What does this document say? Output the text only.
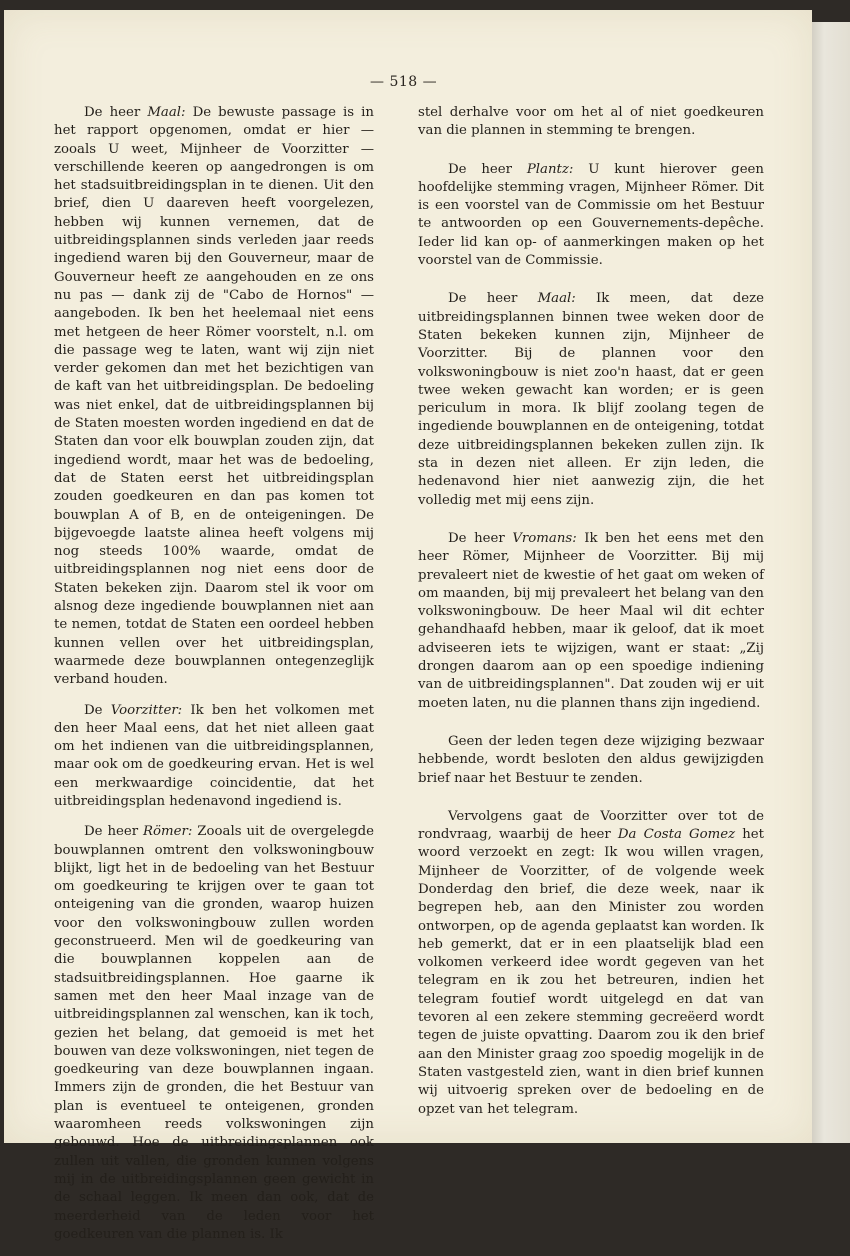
— 518 —

De heer Maal: De bewuste passage is in het rapport opgenomen, omdat er hier — zooals U weet, Mijnheer de Voorzitter — verschillende keeren op aangedrongen is om het stadsuitbreidingsplan in te dienen. Uit den brief, dien U daareven heeft voorgelezen, hebben wij kunnen vernemen, dat de uitbreidingsplannen sinds verleden jaar reeds ingediend waren bij den Gouverneur, maar de Gouverneur heeft ze aangehouden en ze ons nu pas — dank zij de "Cabo de Hornos" — aangeboden. Ik ben het heelemaal niet eens met hetgeen de heer Römer voorstelt, n.l. om die passage weg te laten, want wij zijn niet verder gekomen dan met het bezichtigen van de kaft van het uitbreidingsplan. De bedoeling was niet enkel, dat de uitbreidingsplannen bij de Staten moesten worden ingediend en dat de Staten dan voor elk bouwplan zouden zijn, dat ingediend wordt, maar het was de bedoeling, dat de Staten eerst het uitbreidingsplan zouden goedkeuren en dan pas komen tot bouwplan A of B, en de onteigeningen. De bijgevoegde laatste alinea heeft volgens mij nog steeds 100% waarde, omdat de uitbreidingsplannen nog niet eens door de Staten bekeken zijn. Daarom stel ik voor om alsnog deze ingediende bouwplannen niet aan te nemen, totdat de Staten een oordeel hebben kunnen vellen over het uitbreidingsplan, waarmede deze bouwplannen ontegenzeglijk verband houden.

De Voorzitter: Ik ben het volkomen met den heer Maal eens, dat het niet alleen gaat om het indienen van die uitbreidingsplannen, maar ook om de goedkeuring ervan. Het is wel een merkwaardige coincidentie, dat het uitbreidingsplan hedenavond ingediend is.

De heer Römer: Zooals uit de overgelegde bouwplannen omtrent den volkswoningbouw blijkt, ligt het in de bedoeling van het Bestuur om goedkeuring te krijgen over te gaan tot onteigening van die gronden, waarop huizen voor den volkswoningbouw zullen worden geconstrueerd. Men wil de goedkeuring van die bouwplannen koppelen aan de stadsuitbreidingsplannen. Hoe gaarne ik samen met den heer Maal inzage van de uitbreidingsplannen zal wenschen, kan ik toch, gezien het belang, dat gemoeid is met het bouwen van deze volkswoningen, niet tegen de goedkeuring van deze bouwplannen ingaan. Immers zijn de gronden, die het Bestuur van plan is eventueel te onteigenen, gronden waaromheen reeds volkswoningen zijn gebouwd. Hoe de uitbreidingsplannen ook zullen uit vallen, die gronden kunnen volgens mij in de uitbreidingsplannen geen gewicht in de schaal leggen. Ik meen dan ook, dat de meerderheid van de leden voor het goedkeuren van die plannen is. Ik

stel derhalve voor om het al of niet goedkeuren van die plannen in stemming te brengen.

De heer Plantz: U kunt hierover geen hoofdelijke stemming vragen, Mijnheer Römer. Dit is een voorstel van de Commissie om het Bestuur te antwoorden op een Gouvernements-depêche. Ieder lid kan op- of aanmerkingen maken op het voorstel van de Commissie.

De heer Maal: Ik meen, dat deze uitbreidingsplannen binnen twee weken door de Staten bekeken kunnen zijn, Mijnheer de Voorzitter. Bij de plannen voor den volkswoningbouw is niet zoo'n haast, dat er geen twee weken gewacht kan worden; er is geen periculum in mora. Ik blijf zoolang tegen de ingediende bouwplannen en de onteigening, totdat deze uitbreidingsplannen bekeken zullen zijn. Ik sta in dezen niet alleen. Er zijn leden, die hedenavond hier niet aanwezig zijn, die het volledig met mij eens zijn.

De heer Vromans: Ik ben het eens met den heer Römer, Mijnheer de Voorzitter. Bij mij prevaleert niet de kwestie of het gaat om weken of om maanden, bij mij prevaleert het belang van den volkswoningbouw. De heer Maal wil dit echter gehandhaafd hebben, maar ik geloof, dat ik moet adviseeren iets te wijzigen, want er staat: „Zij drongen daarom aan op een spoedige indiening van de uitbreidingsplannen". Dat zouden wij er uit moeten laten, nu die plannen thans zijn ingediend.

Geen der leden tegen deze wijziging bezwaar hebbende, wordt besloten den aldus gewijzigden brief naar het Bestuur te zenden.

Vervolgens gaat de Voorzitter over tot de rondvraag, waarbij de heer Da Costa Gomez het woord verzoekt en zegt: Ik wou willen vragen, Mijnheer de Voorzitter, of de volgende week Donderdag den brief, die deze week, naar ik begrepen heb, aan den Minister zou worden ontworpen, op de agenda geplaatst kan worden. Ik heb gemerkt, dat er in een plaatselijk blad een volkomen verkeerd idee wordt gegeven van het telegram en ik zou het betreuren, indien het telegram foutief wordt uitgelegd en dat van tevoren al een zekere stemming gecreëerd wordt tegen de juiste opvatting. Daarom zou ik den brief aan den Minister graag zoo spoedig mogelijk in de Staten vastgesteld zien, want in dien brief kunnen wij uitvoerig spreken over de bedoeling en de opzet van het telegram.
